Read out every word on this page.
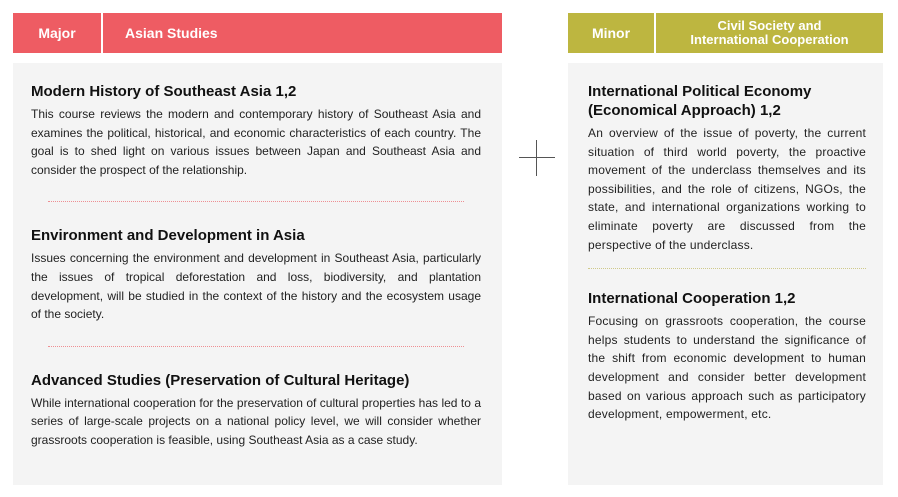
Major	Asian Studies	Minor	Civil Society and
International Cooperation
Modern History of Southeast Asia 1,2

This course reviews the modern and contemporary history of Southeast Asia and examines the political, historical, and economic characteristics of each country. The goal is to shed light on various issues between Japan and Southeast Asia and consider the prospect of the relationship.

Environment and Development in Asia

Issues concerning the environment and development in Southeast Asia, particularly the issues of tropical deforestation and loss, biodiversity, and plantation development, will be studied in the context of the history and the ecosystem usage of the society.

Advanced Studies (Preservation of Cultural Heritage)

While international cooperation for the preservation of cultural properties has led to a series of large-scale projects on a national policy level, we will consider whether grassroots cooperation is feasible, using Southeast Asia as a case study.

International Political Economy (Economical Approach) 1,2

An overview of the issue of poverty, the current situation of third world poverty, the proactive movement of the underclass themselves and its possibilities, and the role of citizens, NGOs, the state, and international organizations working to eliminate poverty are discussed from the perspective of the underclass.

International Cooperation 1,2

Focusing on grassroots cooperation, the course helps students to understand the significance of the shift from economic development to human development and consider better development based on various approach such as participatory development, empowerment, etc.
